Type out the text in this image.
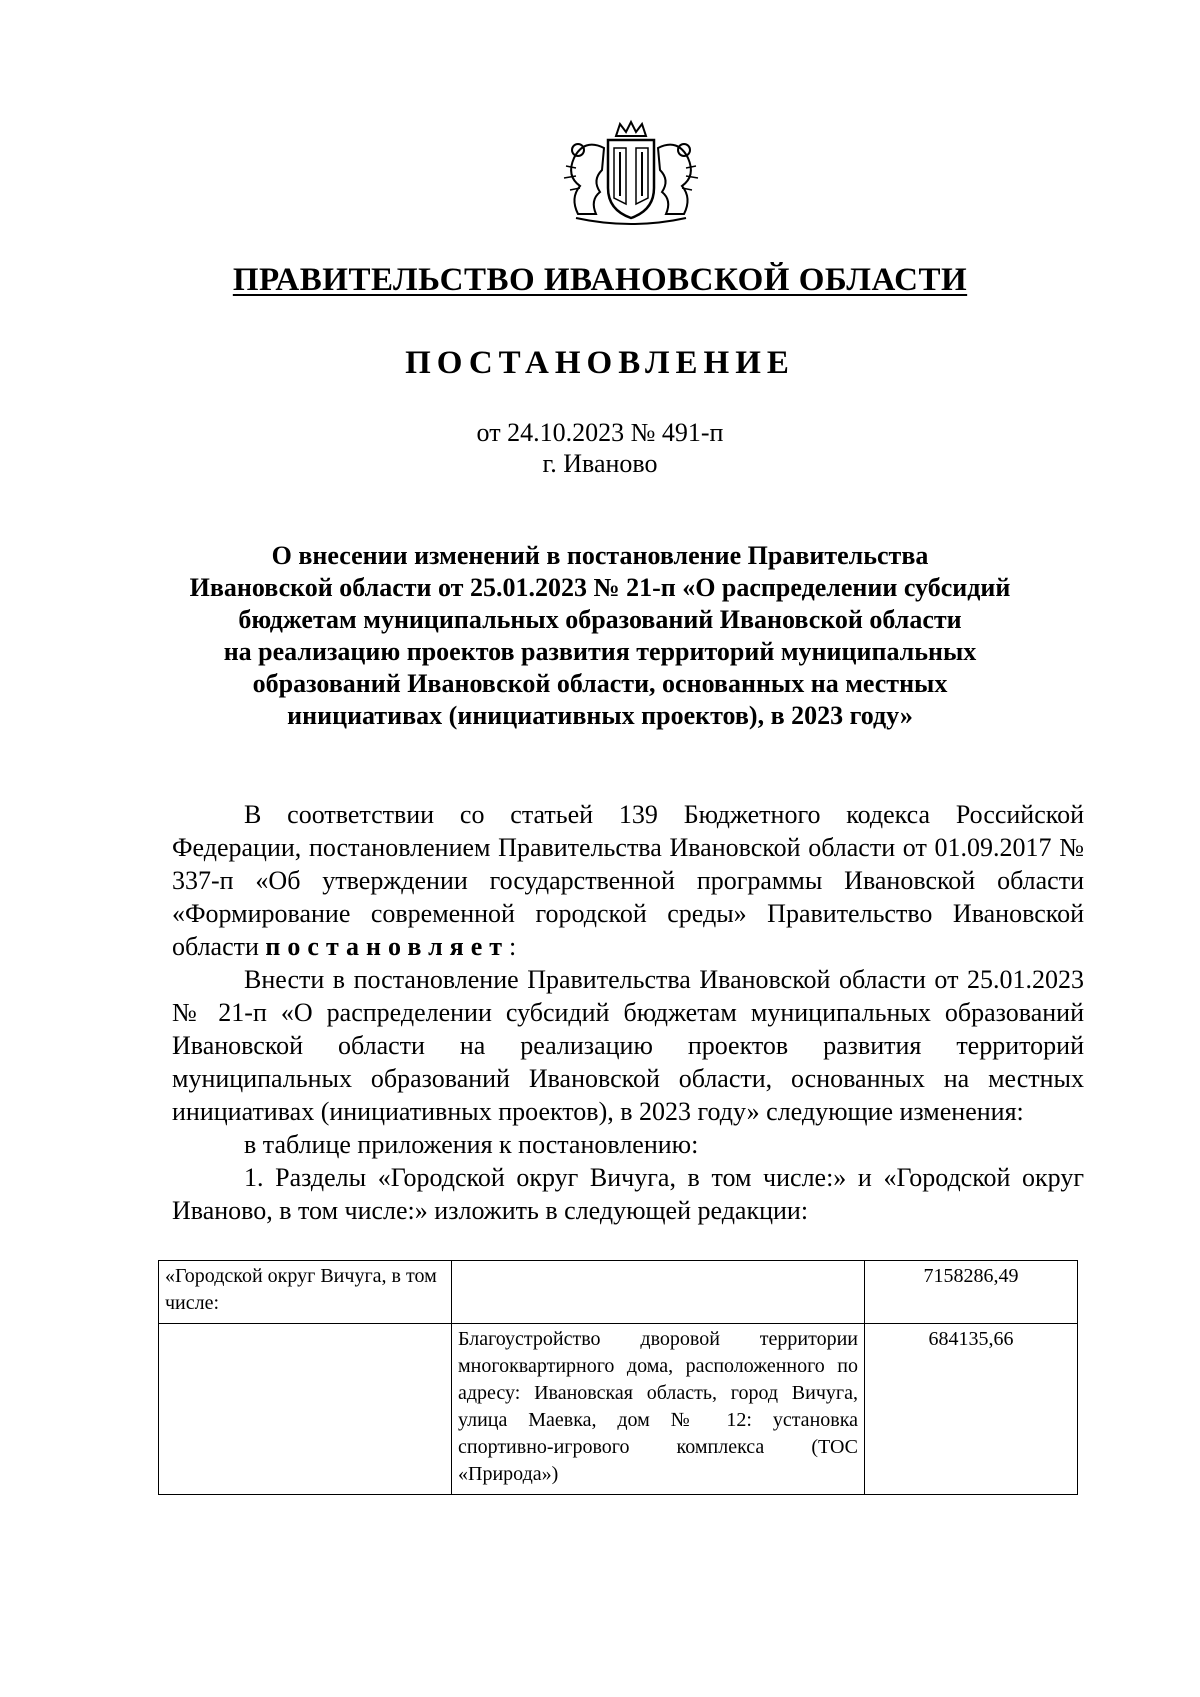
ПРАВИТЕЛЬСТВО ИВАНОВСКОЙ ОБЛАСТИ
ПОСТАНОВЛЕНИЕ
от 24.10.2023 № 491-п
г. Иваново
О внесении изменений в постановление Правительства
Ивановской области от 25.01.2023 № 21-п «О распределении субсидий
бюджетам муниципальных образований Ивановской области
на реализацию проектов развития территорий муниципальных
образований Ивановской области, основанных на местных
инициативах (инициативных проектов), в 2023 году»

В соответствии со статьей 139 Бюджетного кодекса Российской Федерации, постановлением Правительства Ивановской области от 01.09.2017 № 337-п «Об утверждении государственной программы Ивановской области «Формирование современной городской среды» Правительство Ивановской области постановляет:

Внести в постановление Правительства Ивановской области от 25.01.2023 № 21-п «О распределении субсидий бюджетам муниципальных образований Ивановской области на реализацию проектов развития территорий муниципальных образований Ивановской области, основанных на местных инициативах (инициативных проектов), в 2023 году» следующие изменения:

в таблице приложения к постановлению:

1. Разделы «Городской округ Вичуга, в том числе:» и «Городской округ Иваново, в том числе:» изложить в следующей редакции:

«Городской округ Вичуга, в том числе:		7158286,49
	Благоустройство дворовой территории многоквартирного дома, расположенного по адресу: Ивановская область, город Вичуга, улица Маевка, дом № 12: установка спортивно-игрового комплекса (ТОС «Природа»)	684135,66
